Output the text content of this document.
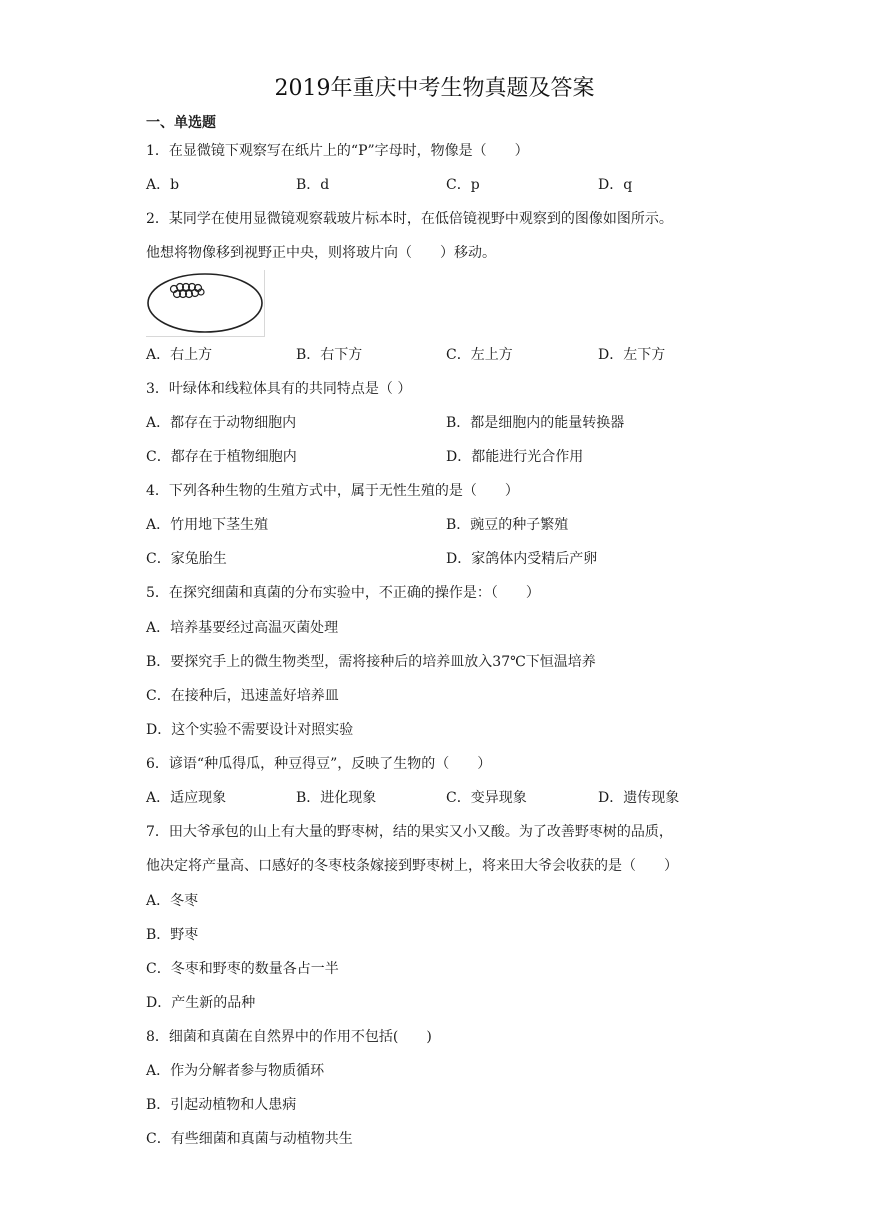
2019年重庆中考生物真题及答案
一、单选题
1．在显微镜下观察写在纸片上的“P”字母时，物像是（　　）
A．b	B．d	C．p	D．q
2．某同学在使用显微镜观察载玻片标本时，在低倍镜视野中观察到的图像如图所示。
他想将物像移到视野正中央，则将玻片向（　　）移动。
A．右上方	B．右下方	C．左上方	D．左下方
3．叶绿体和线粒体具有的共同特点是（ ）
A．都存在于动物细胞内	B．都是细胞内的能量转换器
C．都存在于植物细胞内	D．都能进行光合作用
4．下列各种生物的生殖方式中，属于无性生殖的是（　　）
A．竹用地下茎生殖	B．豌豆的种子繁殖
C．家兔胎生	D．家鸽体内受精后产卵
5．在探究细菌和真菌的分布实验中，不正确的操作是：（　　）
A．培养基要经过高温灭菌处理
B．要探究手上的微生物类型，需将接种后的培养皿放入37℃下恒温培养
C．在接种后，迅速盖好培养皿
D．这个实验不需要设计对照实验
6．谚语“种瓜得瓜，种豆得豆”，反映了生物的（　　）
A．适应现象	B．进化现象	C．变异现象	D．遗传现象
7．田大爷承包的山上有大量的野枣树，结的果实又小又酸。为了改善野枣树的品质，
他决定将产量高、口感好的冬枣枝条嫁接到野枣树上，将来田大爷会收获的是（　　）
A．冬枣
B．野枣
C．冬枣和野枣的数量各占一半
D．产生新的品种
8．细菌和真菌在自然界中的作用不包括(　　)
A．作为分解者参与物质循环
B．引起动植物和人患病
C．有些细菌和真菌与动植物共生
